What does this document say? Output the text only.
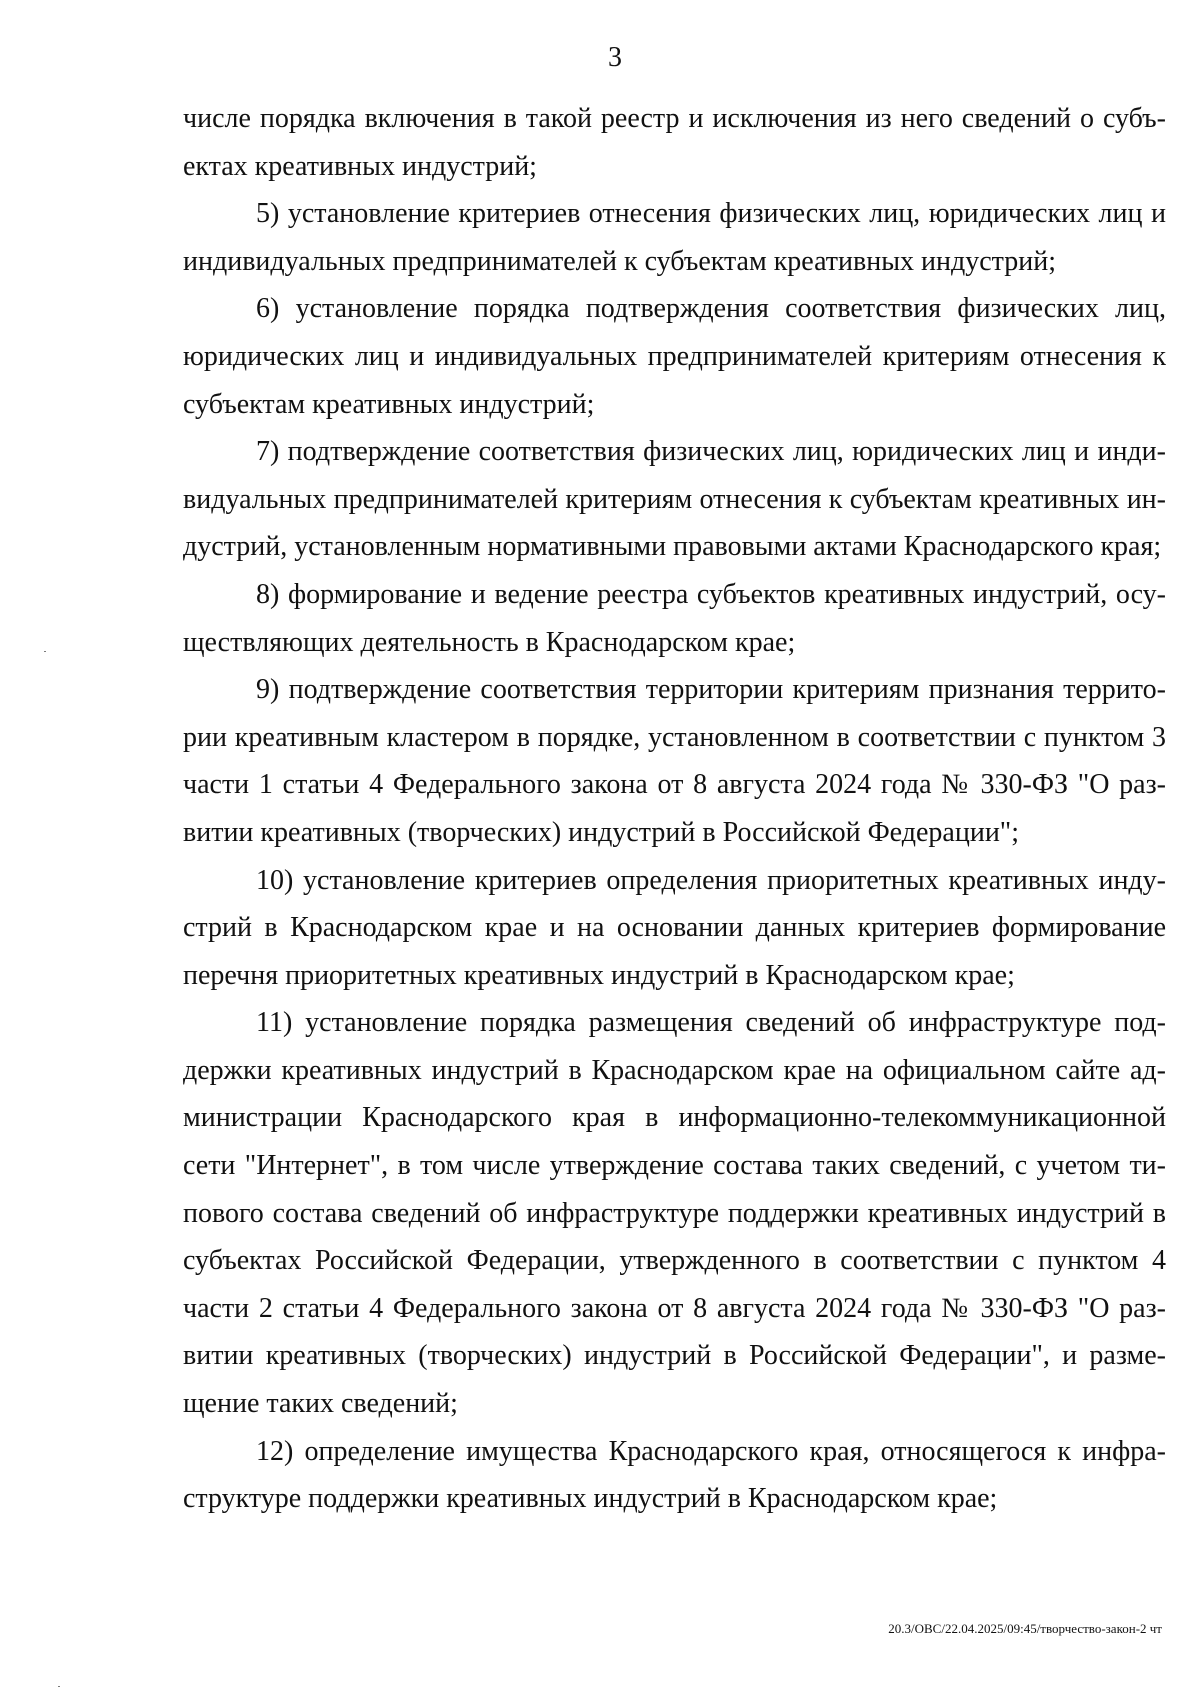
3

числе порядка включения в такой реестр и исключения из него сведений о субъектах креативных индустрий;

5) установление критериев отнесения физических лиц, юридических лиц и индивидуальных предпринимателей к субъектам креативных индустрий;

6) установление порядка подтверждения соответствия физических лиц, юридических лиц и индивидуальных предпринимателей критериям отнесения к субъектам креативных индустрий;

7) подтверждение соответствия физических лиц, юридических лиц и индивидуальных предпринимателей критериям отнесения к субъектам креативных индустрий, установленным нормативными правовыми актами Краснодарского края;

8) формирование и ведение реестра субъектов креативных индустрий, осуществляющих деятельность в Краснодарском крае;

9) подтверждение соответствия территории критериям признания территории креативным кластером в порядке, установленном в соответствии с пунктом 3 части 1 статьи 4 Федерального закона от 8 августа 2024 года № 330-ФЗ "О развитии креативных (творческих) индустрий в Российской Федерации";

10) установление критериев определения приоритетных креативных индустрий в Краснодарском крае и на основании данных критериев формирование перечня приоритетных креативных индустрий в Краснодарском крае;

11) установление порядка размещения сведений об инфраструктуре поддержки креативных индустрий в Краснодарском крае на официальном сайте администрации Краснодарского края в информационно-телекоммуникационной сети "Интернет", в том числе утверждение состава таких сведений, с учетом типового состава сведений об инфраструктуре поддержки креативных индустрий в субъектах Российской Федерации, утвержденного в соответствии с пунктом 4 части 2 статьи 4 Федерального закона от 8 августа 2024 года № 330-ФЗ "О развитии креативных (творческих) индустрий в Российской Федерации", и размещение таких сведений;

12) определение имущества Краснодарского края, относящегося к инфраструктуре поддержки креативных индустрий в Краснодарском крае;

20.3/ОВС/22.04.2025/09:45/творчество-закон-2 чт
